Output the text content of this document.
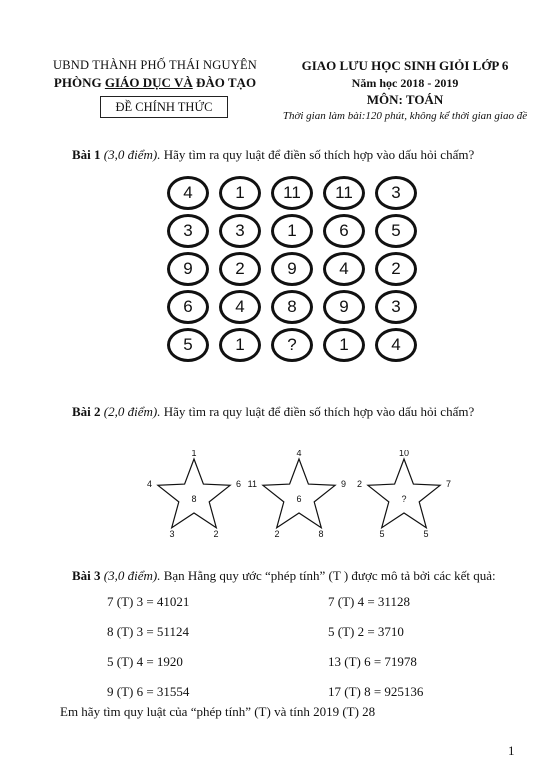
UBND THÀNH PHỐ THÁI NGUYÊN
PHÒNG GIÁO DỤC VÀ ĐÀO TẠO
ĐỀ CHÍNH THỨC
GIAO LƯU HỌC SINH GIỎI LỚP 6
Năm học 2018 - 2019
MÔN: TOÁN
Thời gian làm bài:120 phút, không kể thời gian giao đề
Bài 1 (3,0 điểm). Hãy tìm ra quy luật để điền số thích hợp vào dấu hỏi chấm?
4	1	11	11	3
3	3	1	6	5
9	2	9	4	2
6	4	8	9	3
5	1	?	1	4
Bài 2 (2,0 điểm). Hãy tìm ra quy luật để điền số thích hợp vào dấu hỏi chấm?
1
4	6
3	2
8
4
11	9
2	8
6
10
2	7
5	5
?
Bài 3 (3,0 điểm). Bạn Hằng quy ước “phép tính” (T ) được mô tả bởi các kết quả:
7 (T) 3 = 41021	7 (T) 4 = 31128
8 (T) 3 = 51124	5 (T) 2 = 3710
5 (T) 4 = 1920	13 (T) 6 = 71978
9 (T) 6 = 31554	17 (T) 8 = 925136
Em hãy tìm quy luật của “phép tính” (T) và tính 2019 (T) 28
1
